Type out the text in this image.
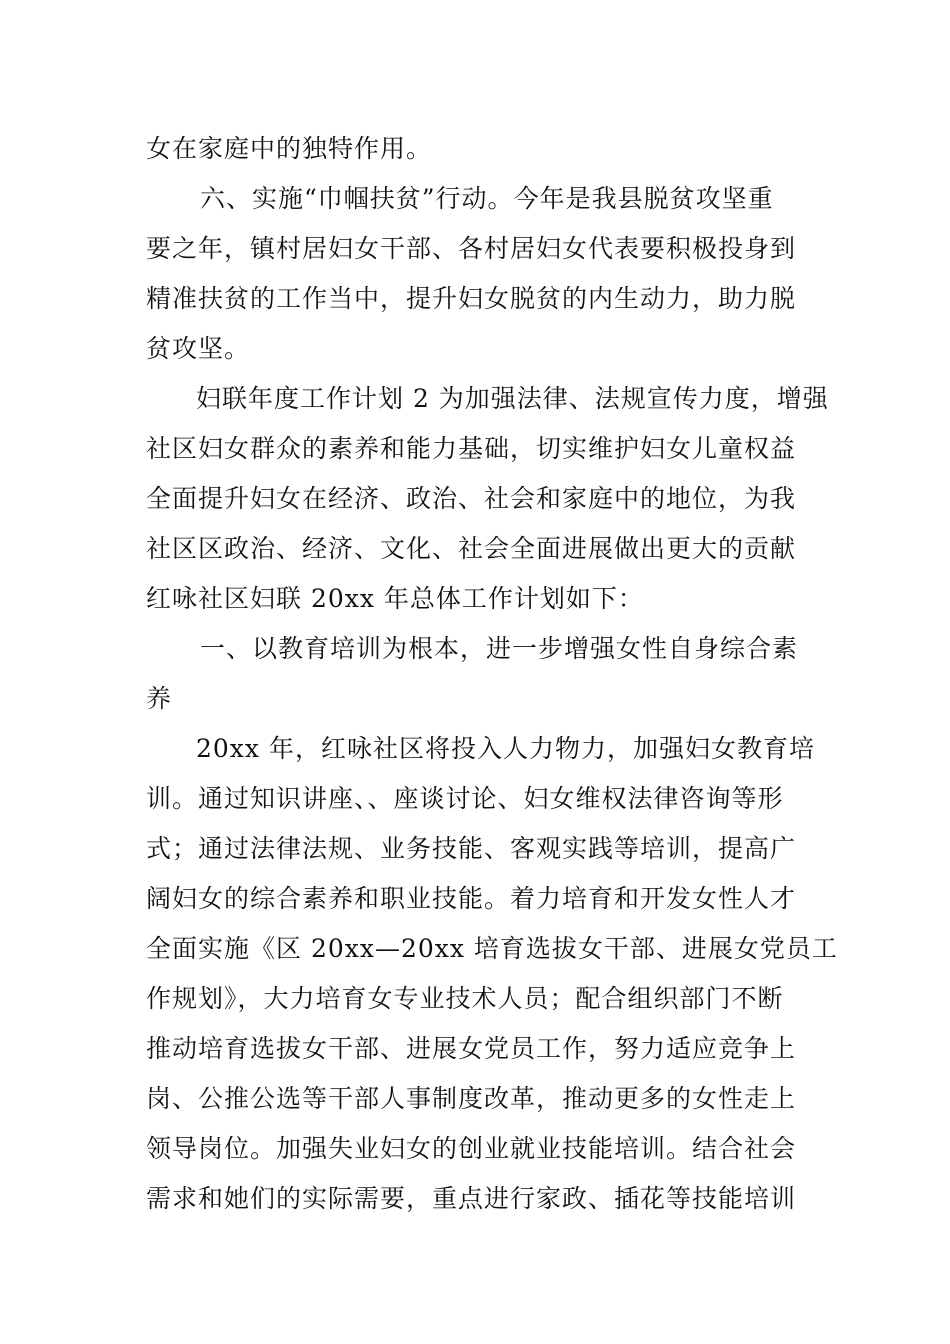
女在家庭中的独特作用。
六、实施“巾帼扶贫”行动。今年是我县脱贫攻坚重
要之年，镇村居妇女干部、各村居妇女代表要积极投身到
精准扶贫的工作当中，提升妇女脱贫的内生动力，助力脱
贫攻坚。
妇联年度工作计划 2 为加强法律、法规宣传力度，增强
社区妇女群众的素养和能力基础，切实维护妇女儿童权益
全面提升妇女在经济、政治、社会和家庭中的地位，为我
社区区政治、经济、文化、社会全面进展做出更大的贡献
红咏社区妇联 20xx 年总体工作计划如下：
一、以教育培训为根本，进一步增强女性自身综合素
养
20xx 年，红咏社区将投入人力物力，加强妇女教育培
训。通过知识讲座、、座谈讨论、妇女维权法律咨询等形
式；通过法律法规、业务技能、客观实践等培训，提高广
阔妇女的综合素养和职业技能。着力培育和开发女性人才
全面实施《区 20xx—20xx 培育选拔女干部、进展女党员工
作规划》，大力培育女专业技术人员；配合组织部门不断
推动培育选拔女干部、进展女党员工作，努力适应竞争上
岗、公推公选等干部人事制度改革，推动更多的女性走上
领导岗位。加强失业妇女的创业就业技能培训。结合社会
需求和她们的实际需要，重点进行家政、插花等技能培训
